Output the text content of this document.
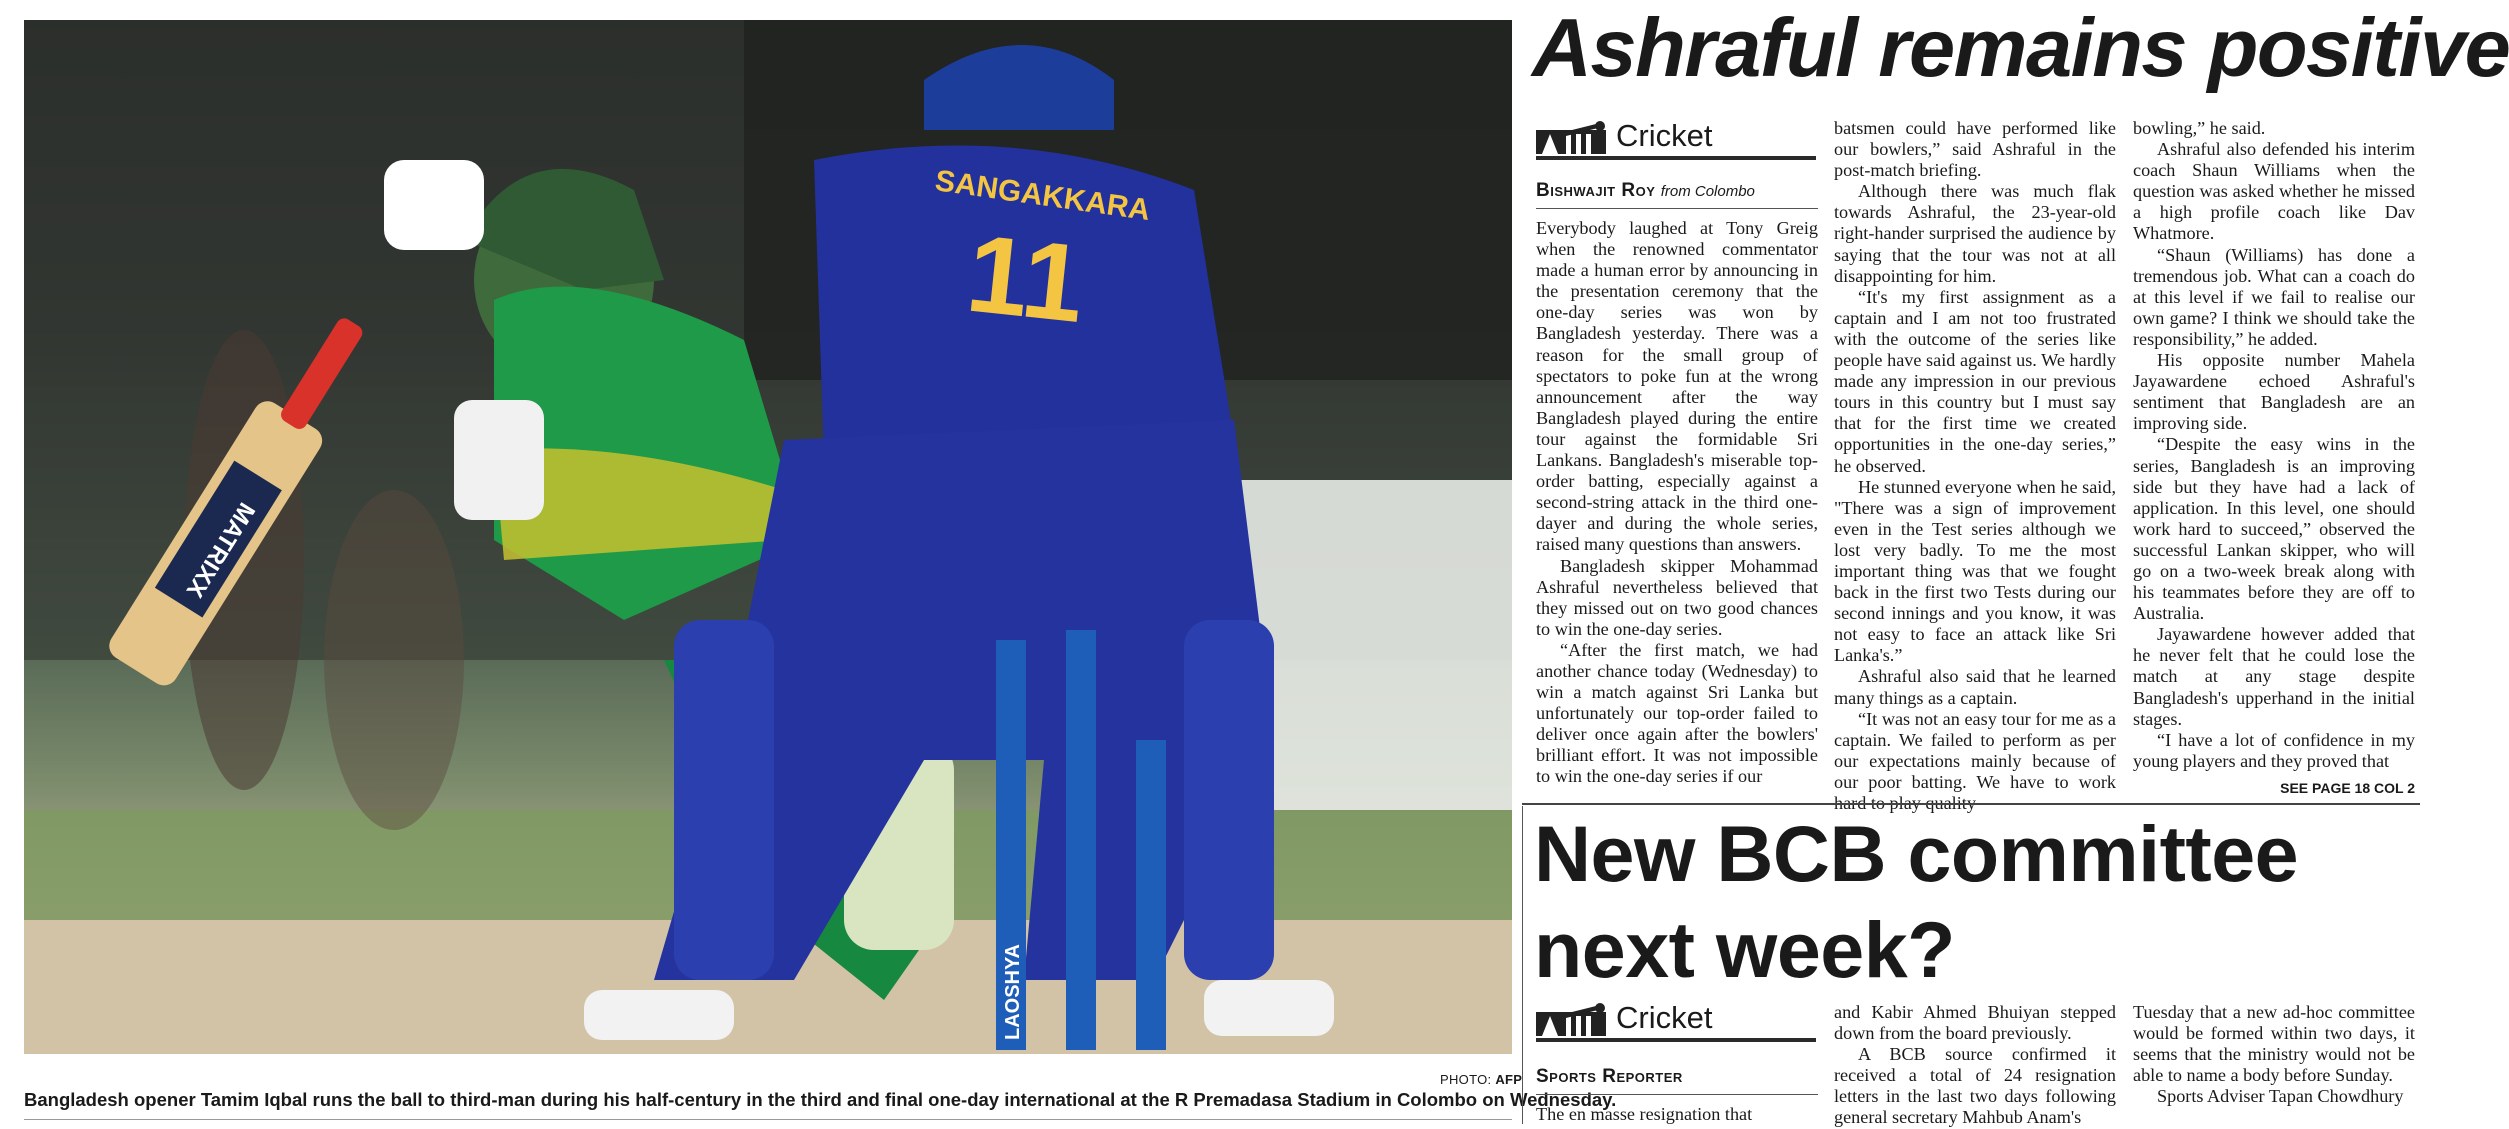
MATRIXX
SANGAKKARA
11
LAOSHYA
PHOTO: AFP
Bangladesh opener Tamim Iqbal runs the ball to third-man during his half-century in the third and final one-day international at the R Premadasa Stadium in Colombo on Wednesday.
Ashraful remains positive
Cricket
Bishwajit Roy from Colombo

Everybody laughed at Tony Greig when the renowned commentator made a human error by announcing in the presentation ceremony that the one-day series was won by Bangladesh yesterday. There was a reason for the small group of spectators to poke fun at the wrong announcement after the way Bangladesh played during the entire tour against the formidable Sri Lankans. Bangladesh's miserable top-order batting, especially against a second-string attack in the third one-dayer and during the whole series, raised many questions than answers.

Bangladesh skipper Mohammad Ashraful nevertheless believed that they missed out on two good chances to win the one-day series.

“After the first match, we had another chance today (Wednesday) to win a match against Sri Lanka but unfortunately our top-order failed to deliver once again after the bowlers' brilliant effort. It was not impossible to win the one-day series if our

batsmen could have performed like our bowlers,” said Ashraful in the post-match briefing.

Although there was much flak towards Ashraful, the 23-year-old right-hander surprised the audience by saying that the tour was not at all disappointing for him.

“It's my first assignment as a captain and I am not too frustrated with the outcome of the series like people have said against us. We hardly made any impression in our previous tours in this country but I must say that for the first time we created opportunities in the one-day series,” he observed.

He stunned everyone when he said, "There was a sign of improvement even in the Test series although we lost very badly. To me the most important thing was that we fought back in the first two Tests during our second innings and you know, it was not easy to face an attack like Sri Lanka's.”

Ashraful also said that he learned many things as a captain.

“It was not an easy tour for me as a captain. We failed to perform as per our expectations mainly because of our poor batting. We have to work hard to play quality

bowling,” he said.

Ashraful also defended his interim coach Shaun Williams when the question was asked whether he missed a high profile coach like Dav Whatmore.

“Shaun (Williams) has done a tremendous job. What can a coach do at this level if we fail to realise our own game? I think we should take the responsibility,” he added.

His opposite number Mahela Jayawardene echoed Ashraful's sentiment that Bangladesh are an improving side.

“Despite the easy wins in the series, Bangladesh is an improving side but they have had a lack of application. In this level, one should work hard to succeed,” observed the successful Lankan skipper, who will go on a two-week break along with his teammates before they are off to Australia.

Jayawardene however added that he never felt that he could lose the match at any stage despite Bangladesh's upperhand in the initial stages.

“I have a lot of confidence in my young players and they proved that

SEE PAGE 18 COL 2
New BCB committee next week?
Cricket
Sports Reporter

The en masse resignation that

and Kabir Ahmed Bhuiyan stepped down from the board previously.

A BCB source confirmed it received a total of 24 resignation letters in the last two days following general secretary Mahbub Anam's

Tuesday that a new ad-hoc committee would be formed within two days, it seems that the ministry would not be able to name a body before Sunday.

Sports Adviser Tapan Chowdhury
